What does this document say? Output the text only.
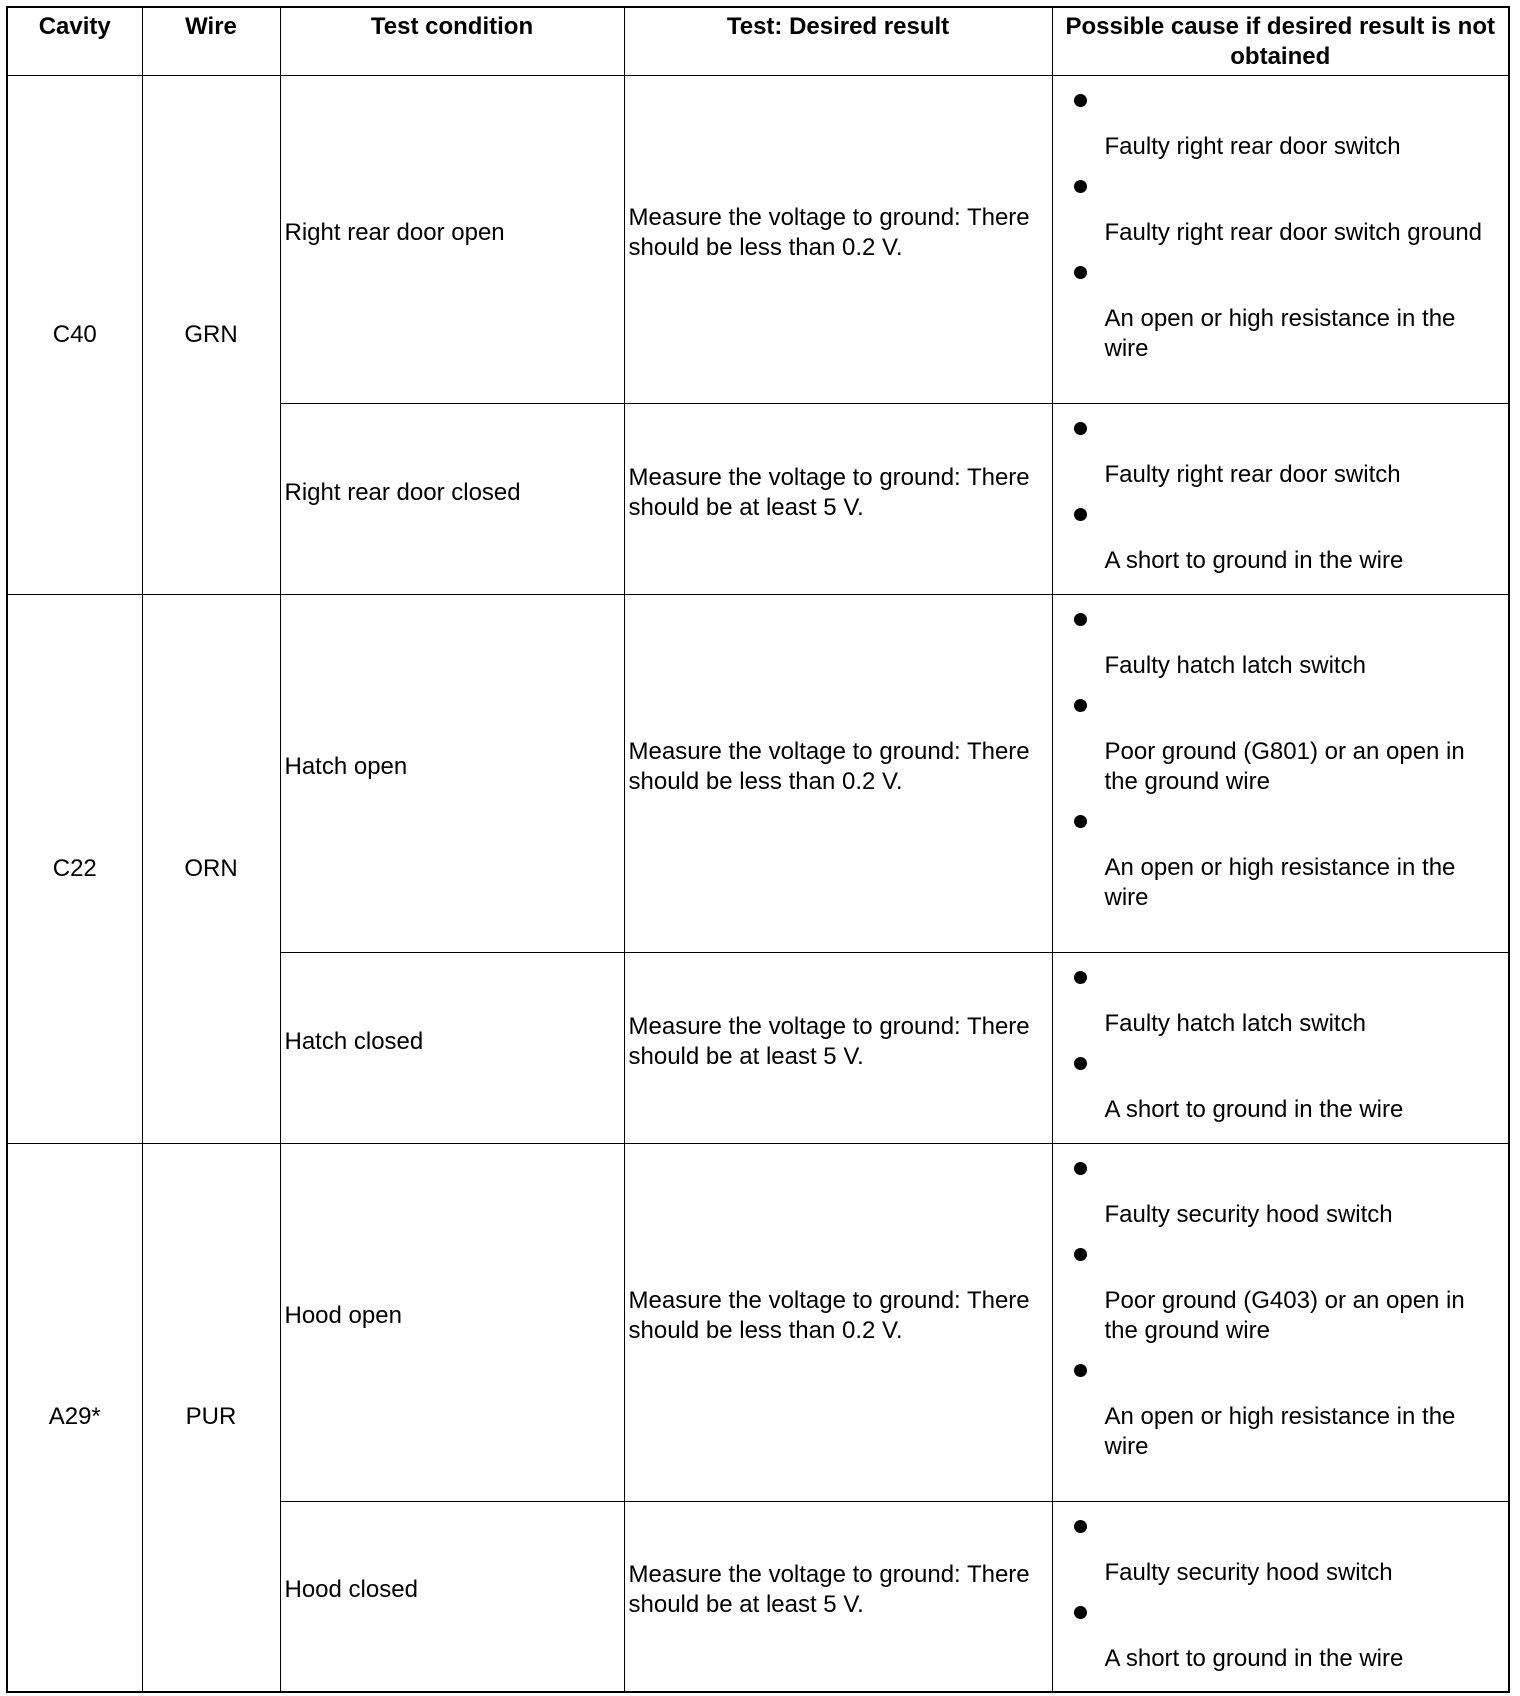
Cavity	Wire	Test condition	Test: Desired result	Possible cause if desired result is not obtained
C40	GRN	Right rear door open	Measure the voltage to ground: There should be less than 0.2 V.	Faulty right rear door switch
Faulty right rear door switch ground
An open or high resistance in the wire

		Right rear door closed	Measure the voltage to ground: There should be at least 5 V.	Faulty right rear door switch
A short to ground in the wire

C22	ORN	Hatch open	Measure the voltage to ground: There should be less than 0.2 V.	Faulty hatch latch switch
Poor ground (G801) or an open in the ground wire
An open or high resistance in the wire

		Hatch closed	Measure the voltage to ground: There should be at least 5 V.	Faulty hatch latch switch
A short to ground in the wire

A29*	PUR	Hood open	Measure the voltage to ground: There should be less than 0.2 V.	Faulty security hood switch
Poor ground (G403) or an open in the ground wire
An open or high resistance in the wire

		Hood closed	Measure the voltage to ground: There should be at least 5 V.	Faulty security hood switch
A short to ground in the wire
